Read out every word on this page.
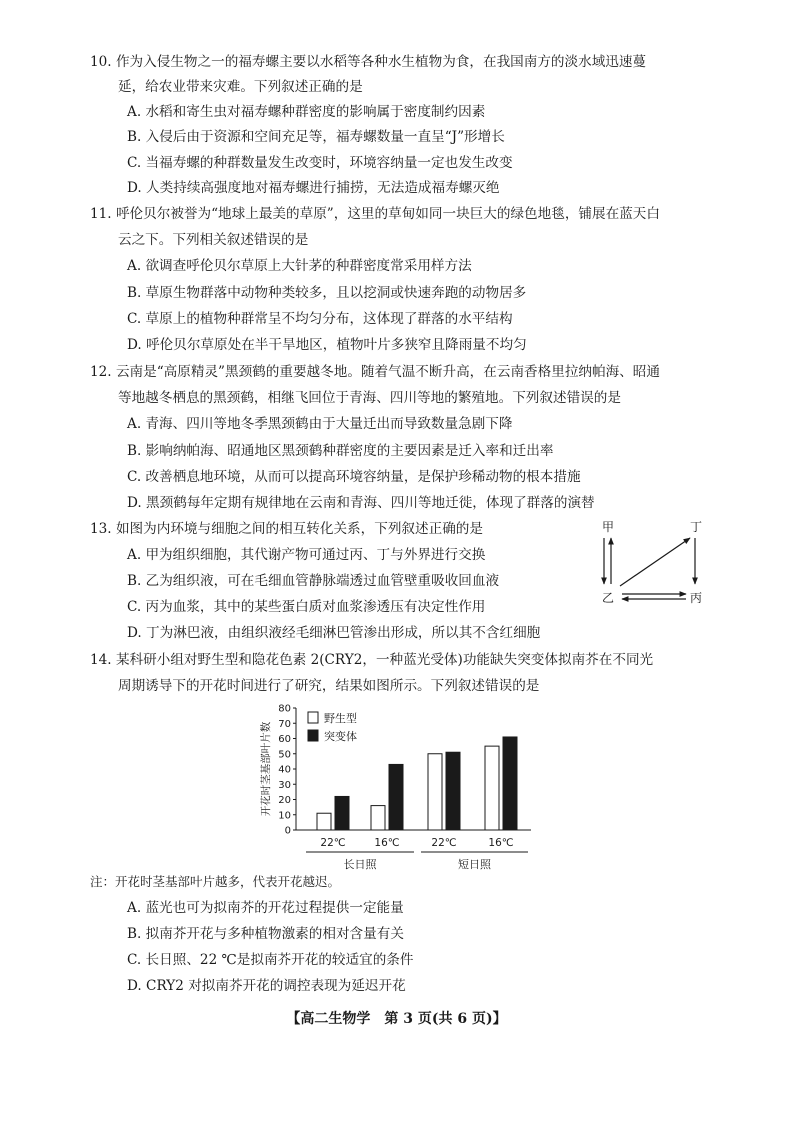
10. 作为入侵生物之一的福寿螺主要以水稻等各种水生植物为食，在我国南方的淡水域迅速蔓
延，给农业带来灾难。下列叙述正确的是
A. 水稻和寄生虫对福寿螺种群密度的影响属于密度制约因素
B. 入侵后由于资源和空间充足等，福寿螺数量一直呈“J”形增长
C. 当福寿螺的种群数量发生改变时，环境容纳量一定也发生改变
D. 人类持续高强度地对福寿螺进行捕捞，无法造成福寿螺灭绝
11. 呼伦贝尔被誉为“地球上最美的草原”，这里的草甸如同一块巨大的绿色地毯，铺展在蓝天白
云之下。下列相关叙述错误的是
A. 欲调查呼伦贝尔草原上大针茅的种群密度常采用样方法
B. 草原生物群落中动物种类较多，且以挖洞或快速奔跑的动物居多
C. 草原上的植物种群常呈不均匀分布，这体现了群落的水平结构
D. 呼伦贝尔草原处在半干旱地区，植物叶片多狭窄且降雨量不均匀
12. 云南是“高原精灵”黑颈鹤的重要越冬地。随着气温不断升高，在云南香格里拉纳帕海、昭通
等地越冬栖息的黑颈鹤，相继飞回位于青海、四川等地的繁殖地。下列叙述错误的是
A. 青海、四川等地冬季黑颈鹤由于大量迁出而导致数量急剧下降
B. 影响纳帕海、昭通地区黑颈鹤种群密度的主要因素是迁入率和迁出率
C. 改善栖息地环境，从而可以提高环境容纳量，是保护珍稀动物的根本措施
D. 黑颈鹤每年定期有规律地在云南和青海、四川等地迁徙，体现了群落的演替
13. 如图为内环境与细胞之间的相互转化关系，下列叙述正确的是
A. 甲为组织细胞，其代谢产物可通过丙、丁与外界进行交换
B. 乙为组织液，可在毛细血管静脉端透过血管壁重吸收回血液
C. 丙为血浆，其中的某些蛋白质对血浆渗透压有决定性作用
D. 丁为淋巴液，由组织液经毛细淋巴管渗出形成，所以其不含红细胞
甲	丁
乙	丙
14. 某科研小组对野生型和隐花色素 2(CRY2，一种蓝光受体)功能缺失突变体拟南芥在不同光
周期诱导下的开花时间进行了研究，结果如图所示。下列叙述错误的是
0
10
20
30
40
50
60
70
80
开花时茎基部叶片数
22℃	16℃	22℃	16℃
长日照	短日照
野生型
突变体
注：开花时茎基部叶片越多，代表开花越迟。
A. 蓝光也可为拟南芥的开花过程提供一定能量
B. 拟南芥开花与多种植物激素的相对含量有关
C. 长日照、22 ℃是拟南芥开花的较适宜的条件
D. CRY2 对拟南芥开花的调控表现为延迟开花
【高二生物学　第 3 页(共 6 页)】
